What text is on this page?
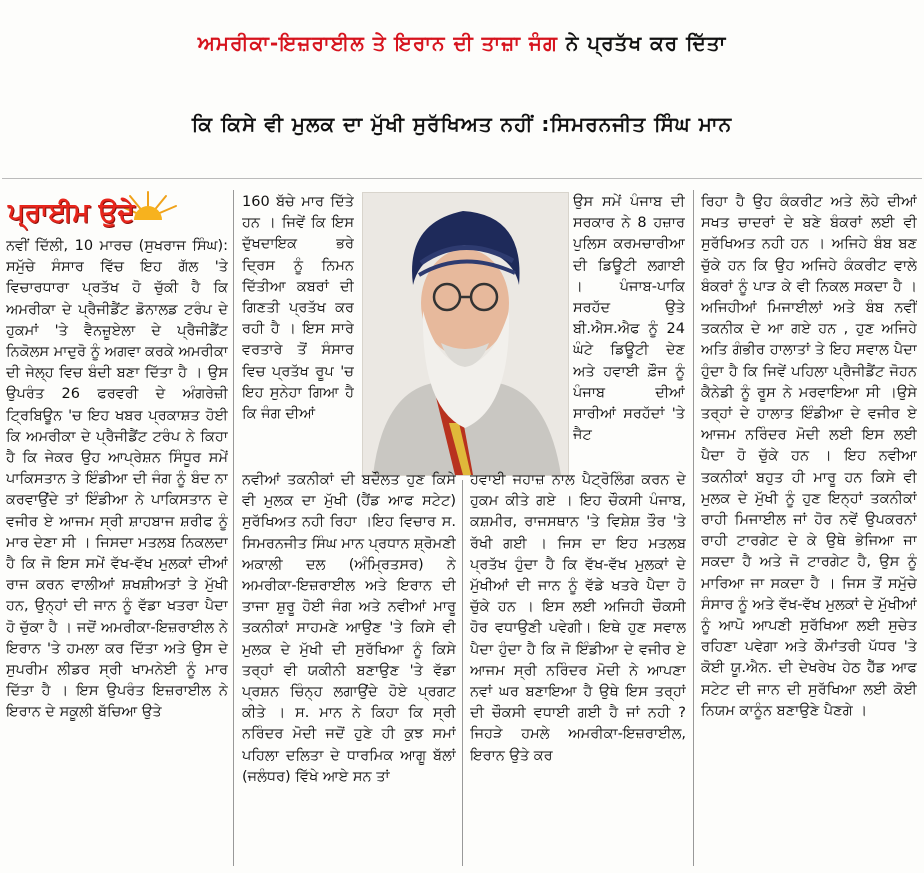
ਅਮਰੀਕਾ-ਇਜ਼ਰਾਈਲ ਤੇ ਇਰਾਨ ਦੀ ਤਾਜ਼ਾ ਜੰਗ ਨੇ ਪ੍ਰਤੱਖ ਕਰ ਦਿੱਤਾ
ਕਿ ਕਿਸੇ ਵੀ ਮੁਲਕ ਦਾ ਮੁੱਖੀ ਸੁਰੱਖਿਅਤ ਨਹੀਂ :ਸਿਮਰਨਜੀਤ ਸਿੰਘ ਮਾਨ
ਪ੍ਰਾਈਮ ਉਦੇ
ਨਵੀਂ ਦਿੱਲੀ, 10 ਮਾਰਚ (ਸੁਖਰਾਜ ਸਿੰਘ): ਸਮੁੱਚੇ ਸੰਸਾਰ ਵਿੱਚ ਇਹ ਗੱਲ 'ਤੇ ਵਿਚਾਰਧਾਰਾ ਪ੍ਰਤੱਖ ਹੋ ਚੁੱਕੀ ਹੈ ਕਿ ਅਮਰੀਕਾ ਦੇ ਪ੍ਰੈਜੀਡੈਂਟ ਡੋਨਾਲਡ ਟਰੰਪ ਦੇ ਹੁਕਮਾਂ 'ਤੇ ਵੈਨਜ਼ੂਏਲਾ ਦੇ ਪ੍ਰੈਜੀਡੈਂਟ ਨਿਕੋਲਸ ਮਾਦੁਰੋ ਨੂੰ ਅਗਵਾ ਕਰਕੇ ਅਮਰੀਕਾ ਦੀ ਜੇਲ੍ਹ ਵਿਚ ਬੰਦੀ ਬਣਾ ਦਿੱਤਾ ਹੈ । ਉਸ ਉਪਰੰਤ 26 ਫਰਵਰੀ ਦੇ ਅੰਗਰੇਜ਼ੀ ਟ੍ਰਿਬਿਊਨ 'ਚ ਇਹ ਖਬਰ ਪ੍ਰਕਾਸ਼ਤ ਹੋਈ ਕਿ ਅਮਰੀਕਾ ਦੇ ਪ੍ਰੈਜੀਡੈਂਟ ਟਰੰਪ ਨੇ ਕਿਹਾ ਹੈ ਕਿ ਜੇਕਰ ਉਹ ਆਪ੍ਰੇਸ਼ਨ ਸਿੰਧੂਰ ਸਮੇਂ ਪਾਕਿਸਤਾਨ ਤੇ ਇੰਡੀਆ ਦੀ ਜੰਗ ਨੂੰ ਬੰਦ ਨਾ ਕਰਵਾਉਂਦੇ ਤਾਂ ਇੰਡੀਆ ਨੇ ਪਾਕਿਸਤਾਨ ਦੇ ਵਜੀਰ ਏ ਆਜਮ ਸ੍ਰੀ ਸ਼ਾਹਬਾਜ ਸ਼ਰੀਫ ਨੂੰ ਮਾਰ ਦੇਣਾ ਸੀ । ਜਿਸਦਾ ਮਤਲਬ ਨਿਕਲਦਾ ਹੈ ਕਿ ਜੋ ਇਸ ਸਮੇਂ ਵੱਖ-ਵੱਖ ਮੁਲਕਾਂ ਦੀਆਂ ਰਾਜ ਕਰਨ ਵਾਲੀਆਂ ਸ਼ਖਸ਼ੀਅਤਾਂ ਤੇ ਮੁੱਖੀ ਹਨ, ਉਨ੍ਹਾਂ ਦੀ ਜਾਨ ਨੂੰ ਵੱਡਾ ਖਤਰਾ ਪੈਦਾ ਹੋ ਚੁੱਕਾ ਹੈ । ਜਦੋਂ ਅਮਰੀਕਾ-ਇਜ਼ਰਾਈਲ ਨੇ ਇਰਾਨ 'ਤੇ ਹਮਲਾ ਕਰ ਦਿੱਤਾ ਅਤੇ ਉਸ ਦੇ ਸੁਪਰੀਮ ਲੀਡਰ ਸ੍ਰੀ ਖਾਮਨੇਈ ਨੂੰ ਮਾਰ ਦਿੱਤਾ ਹੈ । ਇਸ ਉਪਰੰਤ ਇਜ਼ਰਾਈਲ ਨੇ ਇਰਾਨ ਦੇ ਸਕੂਲੀ ਬੱਚਿਆ ਉਤੇ
160 ਬੱਚੇ ਮਾਰ ਦਿੱਤੇ ਹਨ । ਜਿਵੇਂ ਕਿ ਇਸ ਦੁੱਖਦਾਇਕ ਭਰੇ ਦ੍ਰਿਸ ਨੂੰ ਨਿਮਨ ਦਿੱਤੀਆ ਕਬਰਾਂ ਦੀ ਗਿਣਤੀ ਪ੍ਰਤੱਖ ਕਰ ਰਹੀ ਹੈ । ਇਸ ਸਾਰੇ ਵਰਤਾਰੇ ਤੋਂ ਸੰਸਾਰ ਵਿਚ ਪ੍ਰਤੱਖ ਰੂਪ 'ਚ ਇਹ ਸੁਨੇਹਾ ਗਿਆ ਹੈ ਕਿ ਜੰਗ ਦੀਆਂ
ਨਵੀਆਂ ਤਕਨੀਕਾਂ ਦੀ ਬਦੌਲਤ ਹੁਣ ਕਿਸੇ ਵੀ ਮੁਲਕ ਦਾ ਮੁੱਖੀ (ਹੈਂਡ ਆਫ ਸਟੇਟ) ਸੁਰੱਖਿਅਤ ਨਹੀ ਰਿਹਾ ।ਇਹ ਵਿਚਾਰ ਸ. ਸਿਮਰਨਜੀਤ ਸਿੰਘ ਮਾਨ ਪ੍ਰਧਾਨ ਸ਼੍ਰੋਮਣੀ ਅਕਾਲੀ ਦਲ (ਅੰਮ੍ਰਿਤਸਰ) ਨੇ ਅਮਰੀਕਾ-ਇਜ਼ਰਾਈਲ ਅਤੇ ਇਰਾਨ ਦੀ ਤਾਜਾ ਸ਼ੁਰੂ ਹੋਈ ਜੰਗ ਅਤੇ ਨਵੀਆਂ ਮਾਰੂ ਤਕਨੀਕਾਂ ਸਾਹਮਣੇ ਆਉਣ 'ਤੇ ਕਿਸੇ ਵੀ ਮੁਲਕ ਦੇ ਮੁੱਖੀ ਦੀ ਸੁਰੱਖਿਆ ਨੂੰ ਕਿਸੇ ਤਰ੍ਹਾਂ ਵੀ ਯਕੀਨੀ ਬਣਾਉਣ 'ਤੇ ਵੱਡਾ ਪ੍ਰਸ਼ਨ ਚਿੰਨ੍ਹ ਲਗਾਉਂਦੇ ਹੋਏ ਪ੍ਰਗਟ ਕੀਤੇ । ਸ. ਮਾਨ ਨੇ ਕਿਹਾ ਕਿ ਸ੍ਰੀ ਨਰਿੰਦਰ ਮੋਦੀ ਜਦੋਂ ਹੁਣੇ ਹੀ ਕੁਝ ਸਮਾਂ ਪਹਿਲਾ ਦਲਿਤਾ ਦੇ ਧਾਰਮਿਕ ਆਗੂ ਬੱਲਾਂ (ਜਲੰਧਰ) ਵਿੱਖੇ ਆਏ ਸਨ ਤਾਂ
ਉਸ ਸਮੇਂ ਪੰਜਾਬ ਦੀ ਸਰਕਾਰ ਨੇ 8 ਹਜ਼ਾਰ ਪੁਲਿਸ ਕਰਮਚਾਰੀਆ ਦੀ ਡਿਊਟੀ ਲਗਾਈ । ਪੰਜਾਬ-ਪਾਕਿ ਸਰਹੱਦ ਉਤੇ ਬੀ.ਐਸ.ਐਫ ਨੂੰ 24 ਘੰਟੇ ਡਿਊਟੀ ਦੇਣ ਅਤੇ ਹਵਾਈ ਫ਼ੌਜ ਨੂੰ ਪੰਜਾਬ ਦੀਆਂ ਸਾਰੀਆਂ ਸਰਹੱਦਾਂ 'ਤੇ ਜੈਟ
ਹਵਾਈ ਜਹਾਜ਼ ਨਾਲ ਪੈਟ੍ਰੋਲਿੰਗ ਕਰਨ ਦੇ ਹੁਕਮ ਕੀਤੇ ਗਏ । ਇਹ ਚੌਕਸੀ ਪੰਜਾਬ, ਕਸ਼ਮੀਰ, ਰਾਜਸਥਾਨ 'ਤੇ ਵਿਸ਼ੇਸ਼ ਤੌਰ 'ਤੇ ਰੱਖੀ ਗਈ । ਜਿਸ ਦਾ ਇਹ ਮਤਲਬ ਪ੍ਰਤੱਖ ਹੁੰਦਾ ਹੈ ਕਿ ਵੱਖ-ਵੱਖ ਮੁਲਕਾਂ ਦੇ ਮੁੱਖੀਆਂ ਦੀ ਜਾਨ ਨੂੰ ਵੱਡੇ ਖਤਰੇ ਪੈਦਾ ਹੋ ਚੁੱਕੇ ਹਨ । ਇਸ ਲਈ ਅਜਿਹੀ ਚੌਕਸੀ ਹੋਰ ਵਧਾਉਣੀ ਪਵੇਗੀ। ਇਥੇ ਹੁਣ ਸਵਾਲ ਪੈਦਾ ਹੁੰਦਾ ਹੈ ਕਿ ਜੋ ਇੰਡੀਆ ਦੇ ਵਜੀਰ ਏ ਆਜਮ ਸ੍ਰੀ ਨਰਿੰਦਰ ਮੋਦੀ ਨੇ ਆਪਣਾ ਨਵਾਂ ਘਰ ਬਣਾਇਆ ਹੈ ਉਥੇ ਇਸ ਤਰ੍ਹਾਂ ਦੀ ਚੌਕਸੀ ਵਧਾਈ ਗਈ ਹੈ ਜਾਂ ਨਹੀ ? ਜਿਹੜੇ ਹਮਲੇ ਅਮਰੀਕਾ-ਇਜ਼ਰਾਈਲ, ਇਰਾਨ ਉਤੇ ਕਰ
ਰਿਹਾ ਹੈ ਉਹ ਕੰਕਰੀਟ ਅਤੇ ਲੋਹੇ ਦੀਆਂ ਸਖਤ ਚਾਦਰਾਂ ਦੇ ਬਣੇ ਬੰਕਰਾਂ ਲਈ ਵੀ ਸੁਰੱਖਿਅਤ ਨਹੀ ਹਨ । ਅਜਿਹੇ ਬੰਬ ਬਣ ਚੁੱਕੇ ਹਨ ਕਿ ਉਹ ਅਜਿਹੇ ਕੰਕਰੀਟ ਵਾਲੇ ਬੰਕਰਾਂ ਨੂੰ ਪਾੜ ਕੇ ਵੀ ਨਿਕਲ ਸਕਦਾ ਹੈ । ਅਜਿਹੀਆਂ ਮਿਜਾਈਲਾਂ ਅਤੇ ਬੰਬ ਨਵੀਂ ਤਕਨੀਕ ਦੇ ਆ ਗਏ ਹਨ , ਹੁਣ ਅਜਿਹੇ ਅਤਿ ਗੰਭੀਰ ਹਾਲਾਤਾਂ ਤੇ ਇਹ ਸਵਾਲ ਪੈਦਾ ਹੁੰਦਾ ਹੈ ਕਿ ਜਿਵੇਂ ਪਹਿਲਾ ਪ੍ਰੈਜੀਡੈਂਟ ਜੋਹਨ ਕੈਨੇਡੀ ਨੂੰ ਰੂਸ ਨੇ ਮਰਵਾਇਆ ਸੀ ।ਉਸੇ ਤਰ੍ਹਾਂ ਦੇ ਹਾਲਾਤ ਇੰਡੀਆ ਦੇ ਵਜੀਰ ਏ ਆਜਮ ਨਰਿੰਦਰ ਮੋਦੀ ਲਈ ਇਸ ਲਈ ਪੈਦਾ ਹੋ ਚੁੱਕੇ ਹਨ । ਇਹ ਨਵੀਆ ਤਕਨੀਕਾਂ ਬਹੁਤ ਹੀ ਮਾਰੂ ਹਨ ਕਿਸੇ ਵੀ ਮੁਲਕ ਦੇ ਮੁੱਖੀ ਨੂੰ ਹੁਣ ਇਨ੍ਹਾਂ ਤਕਨੀਕਾਂ ਰਾਹੀ ਮਿਜਾਈਲ ਜਾਂ ਹੋਰ ਨਵੇਂ ਉਪਕਰਨਾਂ ਰਾਹੀ ਟਾਰਗੇਟ ਦੇ ਕੇ ਉਥੇ ਭੇਜਿਆ ਜਾ ਸਕਦਾ ਹੈ ਅਤੇ ਜੋ ਟਾਰਗੇਟ ਹੈ, ਉਸ ਨੂੰ ਮਾਰਿਆ ਜਾ ਸਕਦਾ ਹੈ । ਜਿਸ ਤੋਂ ਸਮੁੱਚੇ ਸੰਸਾਰ ਨੂੰ ਅਤੇ ਵੱਖ-ਵੱਖ ਮੁਲਕਾਂ ਦੇ ਮੁੱਖੀਆਂ ਨੂੰ ਆਪੋ ਆਪਣੀ ਸੁਰੱਖਿਆ ਲਈ ਸੁਚੇਤ ਰਹਿਣਾ ਪਵੇਗਾ ਅਤੇ ਕੌਮਾਂਤਰੀ ਪੱਧਰ 'ਤੇ ਕੋਈ ਯੂ.ਐਨ. ਦੀ ਦੇਖਰੇਖ ਹੇਠ ਹੈੱਡ ਆਫ ਸਟੇਟ ਦੀ ਜਾਨ ਦੀ ਸੁਰੱਖਿਆ ਲਈ ਕੋਈ ਨਿਯਮ ਕਾਨੂੰਨ ਬਣਾਉਣੇ ਪੈਣਗੇ ।
